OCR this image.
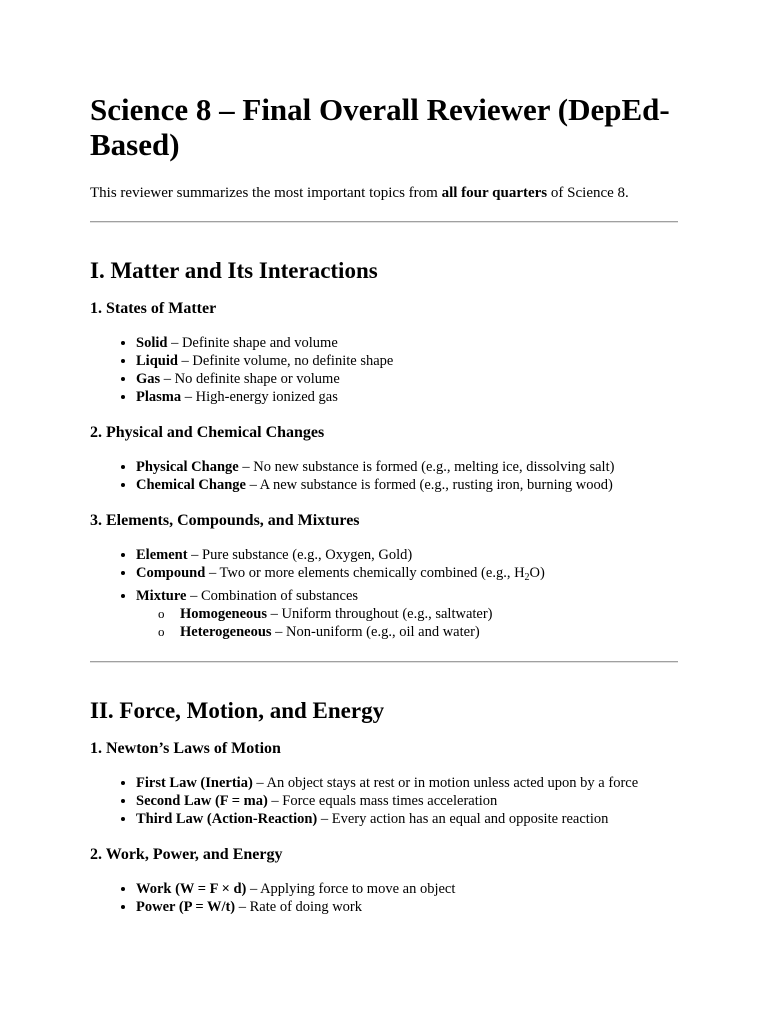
Science 8 – Final Overall Reviewer (DepEd-Based)

This reviewer summarizes the most important topics from all four quarters of Science 8.

I. Matter and Its Interactions
1. States of Matter
• Solid – Definite shape and volume
• Liquid – Definite volume, no definite shape
• Gas – No definite shape or volume
• Plasma – High-energy ionized gas
2. Physical and Chemical Changes
• Physical Change – No new substance is formed (e.g., melting ice, dissolving salt)
• Chemical Change – A new substance is formed (e.g., rusting iron, burning wood)
3. Elements, Compounds, and Mixtures
• Element – Pure substance (e.g., Oxygen, Gold)
• Compound – Two or more elements chemically combined (e.g., $H_2O$)
• Mixture – Combination of substances
o Homogeneous – Uniform throughout (e.g., saltwater)
o Heterogeneous – Non-uniform (e.g., oil and water)
II. Force, Motion, and Energy
1. Newton’s Laws of Motion
• First Law (Inertia) – An object stays at rest or in motion unless acted upon by a force
• Second Law (F = ma) – Force equals mass times acceleration
• Third Law (Action-Reaction) – Every action has an equal and opposite reaction
2. Work, Power, and Energy
• Work (W = F × d) – Applying force to move an object
• Power (P = W/t) – Rate of doing work
